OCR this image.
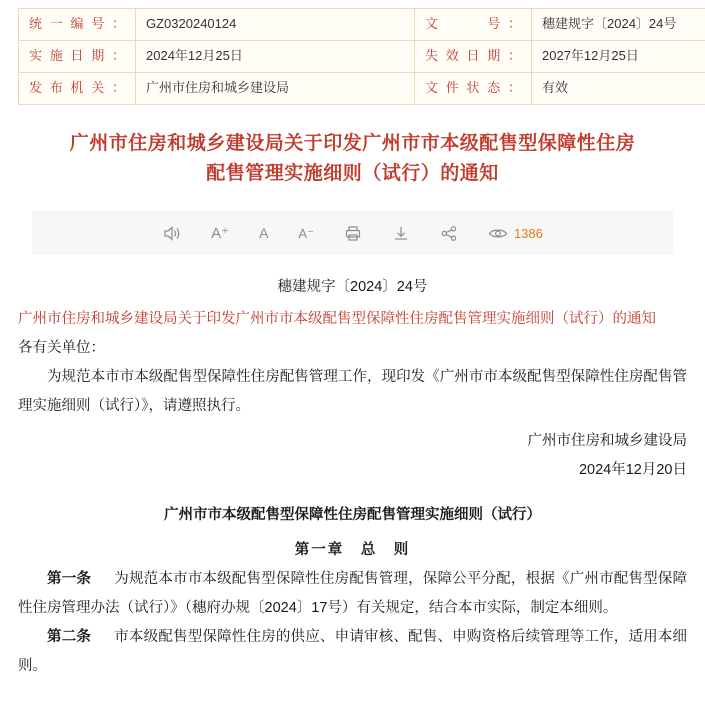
统一编号：	GZ0320240124	文　　号：	穗建规字〔2024〕24号
实施日期：	2024年12月25日	失效日期：	2027年12月25日
发布机关：	广州市住房和城乡建设局	文件状态：	有效
广州市住房和城乡建设局关于印发广州市市本级配售型保障性住房
配售管理实施细则（试行）的通知
A⁺ A A⁻	1386
穗建规字〔2024〕24号
广州市住房和城乡建设局关于印发广州市市本级配售型保障性住房配售管理实施细则（试行）的通知
各有关单位：
为规范本市市本级配售型保障性住房配售管理工作，现印发《广州市市本级配售型保障性住房配售管理实施细则（试行）》，请遵照执行。
广州市住房和城乡建设局
2024年12月20日
广州市市本级配售型保障性住房配售管理实施细则（试行）
第一章　总　则
第一条 　 为规范本市市本级配售型保障性住房配售管理，保障公平分配，根据《广州市配售型保障性住房管理办法（试行）》（穗府办规〔2024〕17号）有关规定，结合本市实际，制定本细则。
第二条 　 市本级配售型保障性住房的供应、申请审核、配售、申购资格后续管理等工作，适用本细则。
